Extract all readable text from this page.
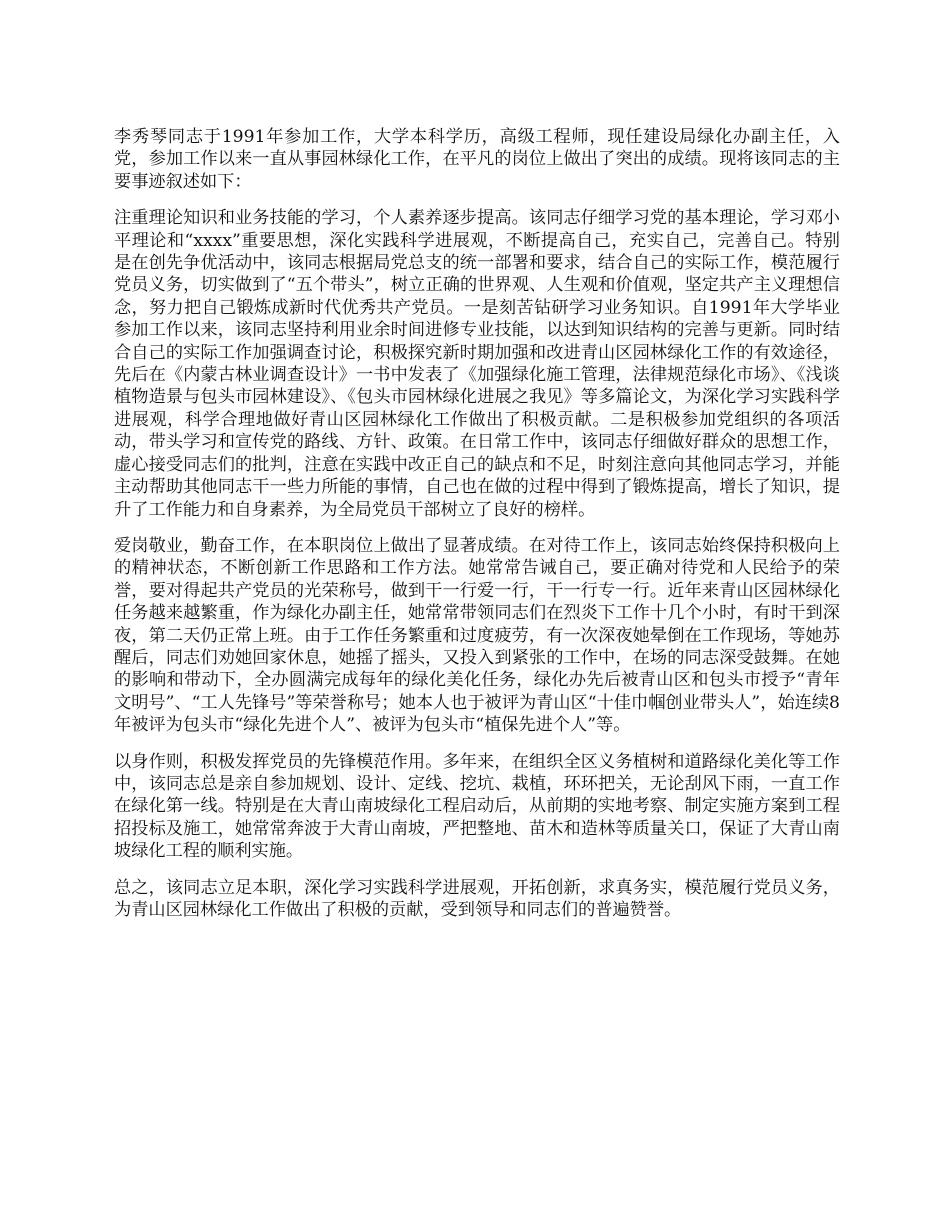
李秀琴同志于1991年参加工作，大学本科学历，高级工程师，现任建设局绿化办副主任，入党，参加工作以来一直从事园林绿化工作，在平凡的岗位上做出了突出的成绩。现将该同志的主要事迹叙述如下：

注重理论知识和业务技能的学习，个人素养逐步提高。该同志仔细学习党的基本理论，学习邓小平理论和“xxxx”重要思想，深化实践科学进展观，不断提高自己，充实自己，完善自己。特别是在创先争优活动中，该同志根据局党总支的统一部署和要求，结合自己的实际工作，模范履行党员义务，切实做到了“五个带头”，树立正确的世界观、人生观和价值观，坚定共产主义理想信念，努力把自己锻炼成新时代优秀共产党员。一是刻苦钻研学习业务知识。自1991年大学毕业参加工作以来，该同志坚持利用业余时间进修专业技能，以达到知识结构的完善与更新。同时结合自己的实际工作加强调查讨论，积极探究新时期加强和改进青山区园林绿化工作的有效途径，先后在《内蒙古林业调查设计》一书中发表了《加强绿化施工管理，法律规范绿化市场》、《浅谈植物造景与包头市园林建设》、《包头市园林绿化进展之我见》等多篇论文，为深化学习实践科学进展观，科学合理地做好青山区园林绿化工作做出了积极贡献。二是积极参加党组织的各项活动，带头学习和宣传党的路线、方针、政策。在日常工作中，该同志仔细做好群众的思想工作，虚心接受同志们的批判，注意在实践中改正自己的缺点和不足，时刻注意向其他同志学习，并能主动帮助其他同志干一些力所能的事情，自己也在做的过程中得到了锻炼提高，增长了知识，提升了工作能力和自身素养，为全局党员干部树立了良好的榜样。

爱岗敬业，勤奋工作，在本职岗位上做出了显著成绩。在对待工作上，该同志始终保持积极向上的精神状态，不断创新工作思路和工作方法。她常常告诫自己，要正确对待党和人民给予的荣誉，要对得起共产党员的光荣称号，做到干一行爱一行，干一行专一行。近年来青山区园林绿化任务越来越繁重，作为绿化办副主任，她常常带领同志们在烈炎下工作十几个小时，有时干到深夜，第二天仍正常上班。由于工作任务繁重和过度疲劳，有一次深夜她晕倒在工作现场，等她苏醒后，同志们劝她回家休息，她摇了摇头，又投入到紧张的工作中，在场的同志深受鼓舞。在她的影响和带动下，全办圆满完成每年的绿化美化任务，绿化办先后被青山区和包头市授予“青年文明号”、“工人先锋号”等荣誉称号；她本人也于被评为青山区“十佳巾帼创业带头人”，始连续8年被评为包头市“绿化先进个人”、被评为包头市“植保先进个人”等。

以身作则，积极发挥党员的先锋模范作用。多年来，在组织全区义务植树和道路绿化美化等工作中，该同志总是亲自参加规划、设计、定线、挖坑、栽植，环环把关，无论刮风下雨，一直工作在绿化第一线。特别是在大青山南坡绿化工程启动后，从前期的实地考察、制定实施方案到工程招投标及施工，她常常奔波于大青山南坡，严把整地、苗木和造林等质量关口，保证了大青山南坡绿化工程的顺利实施。

总之，该同志立足本职，深化学习实践科学进展观，开拓创新，求真务实，模范履行党员义务，为青山区园林绿化工作做出了积极的贡献，受到领导和同志们的普遍赞誉。
